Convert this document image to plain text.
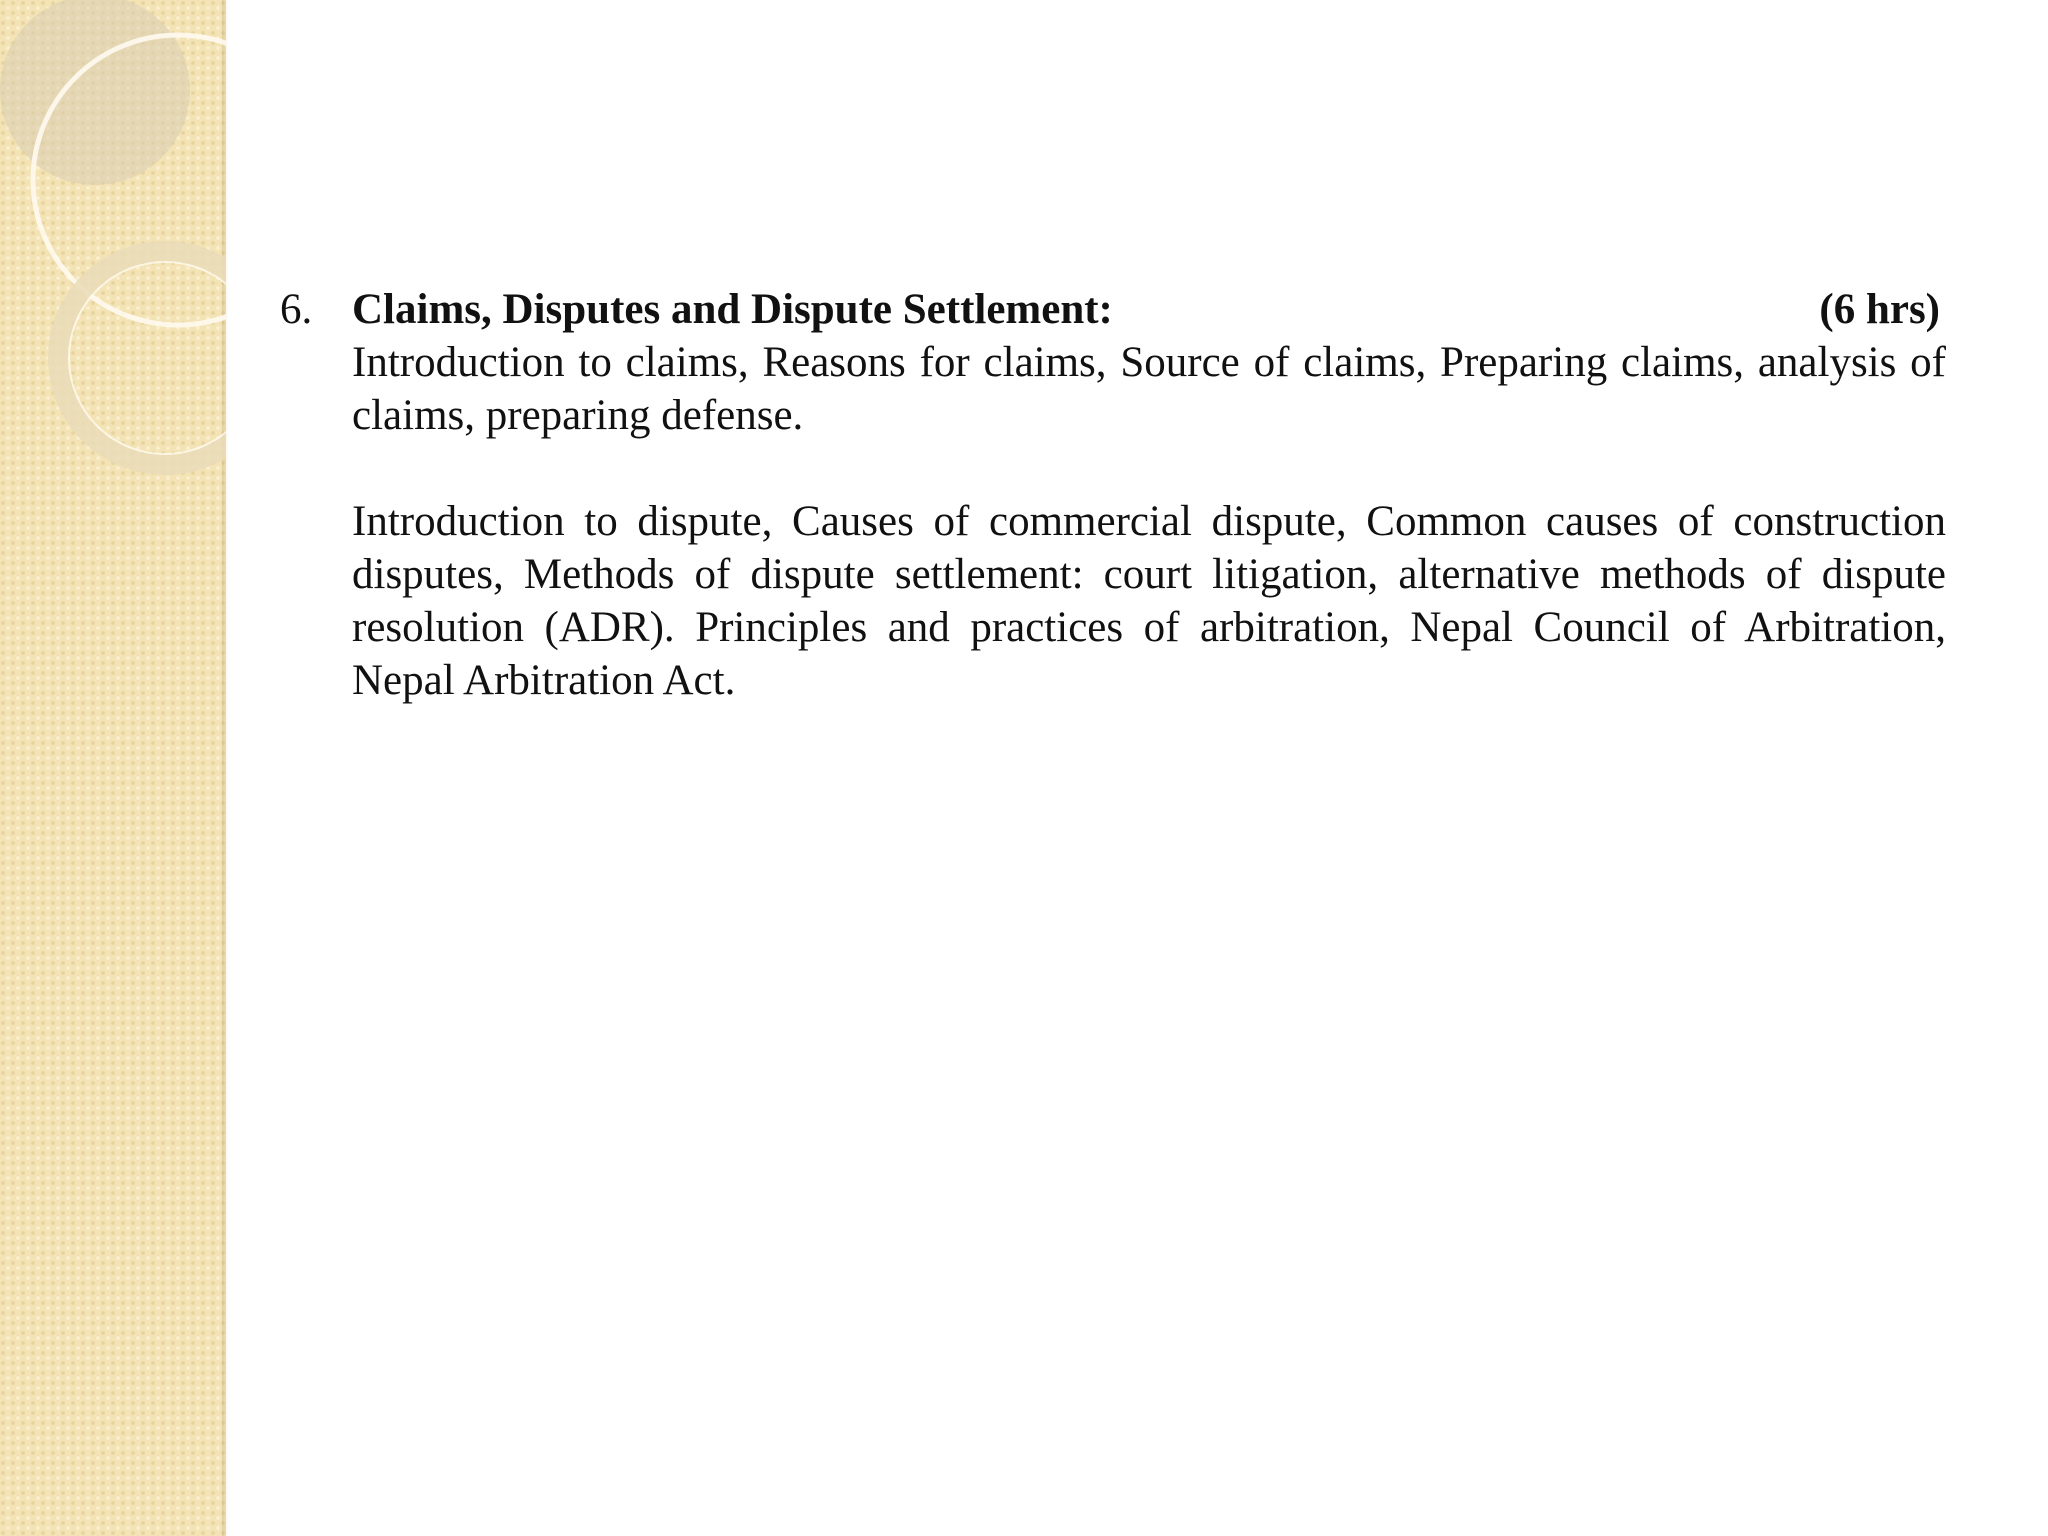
6. Claims, Disputes and Dispute Settlement:	(6 hrs)

Introduction to claims, Reasons for claims, Source of claims, Preparing claims, analysis of claims, preparing defense.

Introduction to dispute, Causes of commercial dispute, Common causes of construction disputes, Methods of dispute settlement: court litigation, alternative methods of dispute resolution (ADR). Principles and practices of arbitration, Nepal Council of Arbitration, Nepal Arbitration Act.
